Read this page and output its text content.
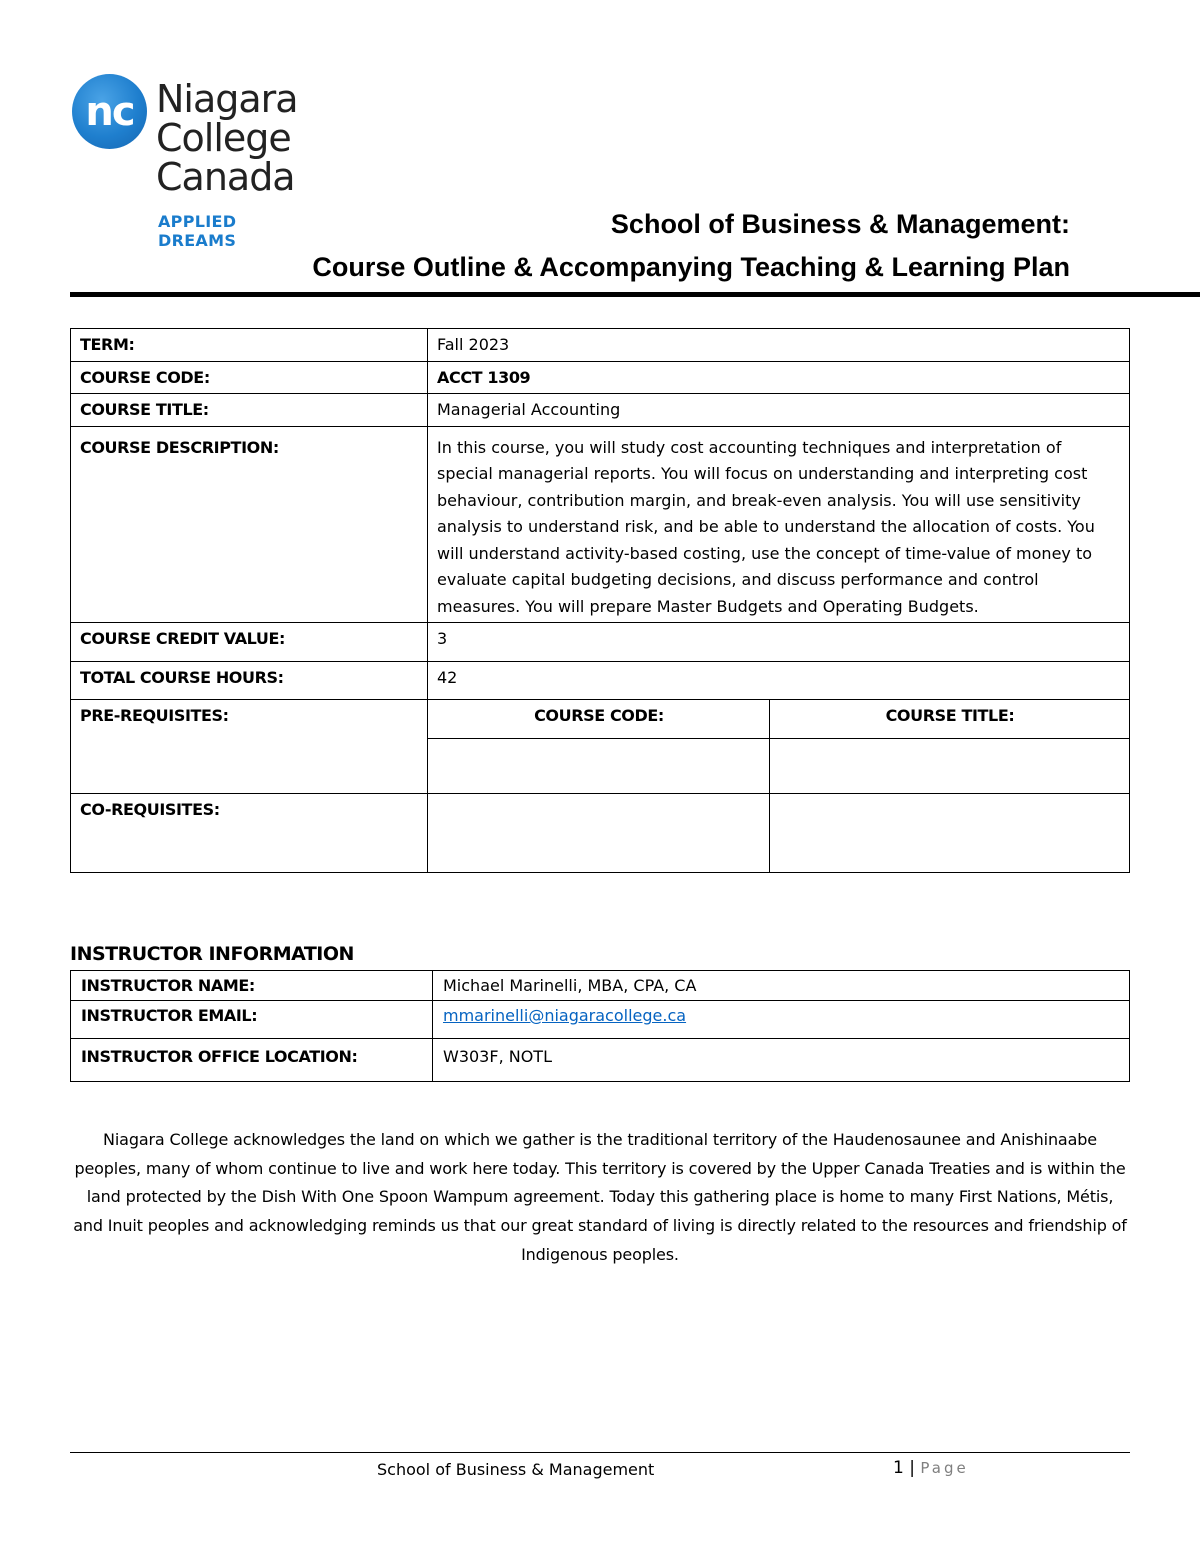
nc Niagara
College
Canada
APPLIED DREAMS
School of Business & Management:
Course Outline & Accompanying Teaching & Learning Plan
TERM:	Fall 2023	
COURSE CODE:	ACCT 1309	
COURSE TITLE:	Managerial Accounting	
COURSE DESCRIPTION:	In this course, you will study cost accounting techniques and interpretation of special managerial reports. You will focus on understanding and interpreting cost behaviour, contribution margin, and break-even analysis. You will use sensitivity analysis to understand risk, and be able to understand the allocation of costs. You will understand activity-based costing, use the concept of time-value of money to evaluate capital budgeting decisions, and discuss performance and control measures. You will prepare Master Budgets and Operating Budgets.	
COURSE CREDIT VALUE:	3	
TOTAL COURSE HOURS:	42	
PRE-REQUISITES:	COURSE CODE:	COURSE TITLE:

CO-REQUISITES:		
INSTRUCTOR INFORMATION
INSTRUCTOR NAME:	Michael Marinelli, MBA, CPA, CA
INSTRUCTOR EMAIL:	mmarinelli@niagaracollege.ca
INSTRUCTOR OFFICE LOCATION:	W303F, NOTL
Niagara College acknowledges the land on which we gather is the traditional territory of the Haudenosaunee and Anishinaabe peoples, many of whom continue to live and work here today. This territory is covered by the Upper Canada Treaties and is within the land protected by the Dish With One Spoon Wampum agreement. Today this gathering place is home to many First Nations, Métis, and Inuit peoples and acknowledging reminds us that our great standard of living is directly related to the resources and friendship of Indigenous peoples.
School of Business & Management	1 | Page
